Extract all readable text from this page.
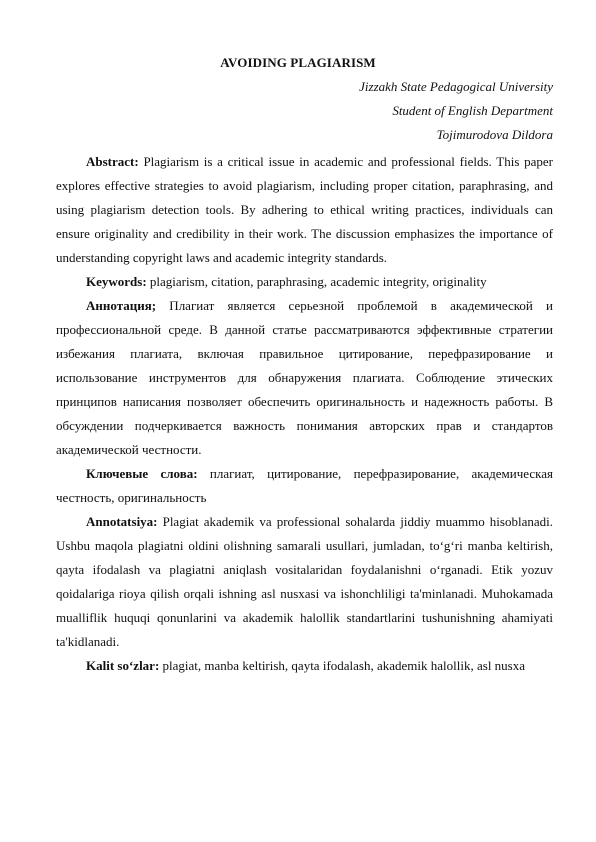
AVOIDING PLAGIARISM
Jizzakh State Pedagogical University
Student of English Department
Tojimurodova Dildora

Abstract: Plagiarism is a critical issue in academic and professional fields. This paper explores effective strategies to avoid plagiarism, including proper citation, paraphrasing, and using plagiarism detection tools. By adhering to ethical writing practices, individuals can ensure originality and credibility in their work. The discussion emphasizes the importance of understanding copyright laws and academic integrity standards.

Keywords: plagiarism, citation, paraphrasing, academic integrity, originality

Аннотация; Плагиат является серьезной проблемой в академической и профессиональной среде. В данной статье рассматриваются эффективные стратегии избежания плагиата, включая правильное цитирование, перефразирование и использование инструментов для обнаружения плагиата. Соблюдение этических принципов написания позволяет обеспечить оригинальность и надежность работы. В обсуждении подчеркивается важность понимания авторских прав и стандартов академической честности.

Ключевые слова: плагиат, цитирование, перефразирование, академическая честность, оригинальность

Annotatsiya: Plagiat akademik va professional sohalarda jiddiy muammo hisoblanadi. Ushbu maqola plagiatni oldini olishning samarali usullari, jumladan, to‘g‘ri manba keltirish, qayta ifodalash va plagiatni aniqlash vositalaridan foydalanishni o‘rganadi. Etik yozuv qoidalariga rioya qilish orqali ishning asl nusxasi va ishonchliligi ta'minlanadi. Muhokamada mualliflik huquqi qonunlarini va akademik halollik standartlarini tushunishning ahamiyati ta'kidlanadi.

Kalit so‘zlar: plagiat, manba keltirish, qayta ifodalash, akademik halollik, asl nusxa
